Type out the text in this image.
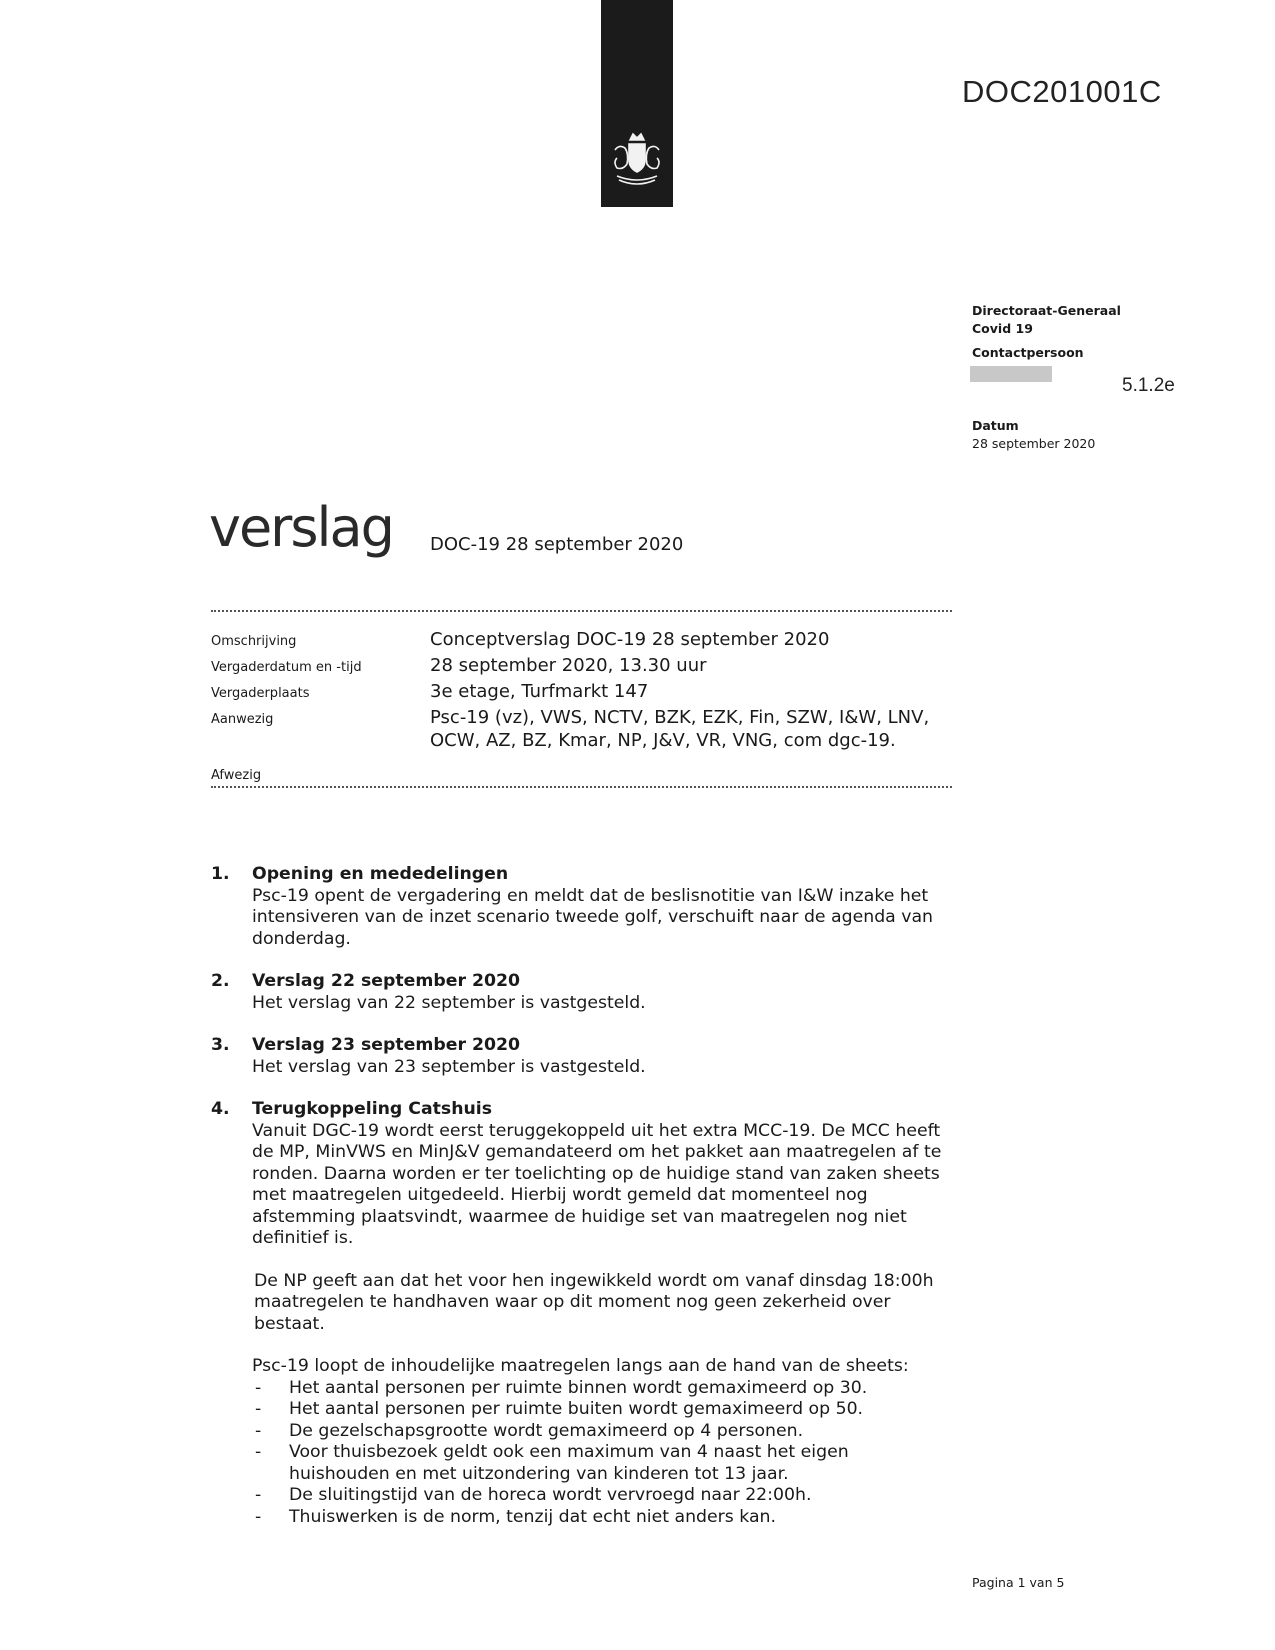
DOC201001C
Directoraat-Generaal
Covid 19
Contactpersoon
5.1.2e
Datum
28 september 2020
verslag DOC-19 28 september 2020
Omschrijving	Conceptverslag DOC-19 28 september 2020
Vergaderdatum en -tijd	28 september 2020, 13.30 uur
Vergaderplaats	3e etage, Turfmarkt 147
Aanwezig	Psc-19 (vz), VWS, NCTV, BZK, EZK, Fin, SZW, I&W, LNV,
OCW, AZ, BZ, Kmar, NP, J&V, VR, VNG, com dgc-19.
Afwezig
1.	Opening en mededelingen
Psc-19 opent de vergadering en meldt dat de beslisnotitie van I&W inzake het intensiveren van de inzet scenario tweede golf, verschuift naar de agenda van donderdag.
2.	Verslag 22 september 2020
Het verslag van 22 september is vastgesteld.
3.	Verslag 23 september 2020
Het verslag van 23 september is vastgesteld.
4.	Terugkoppeling Catshuis
Vanuit DGC-19 wordt eerst teruggekoppeld uit het extra MCC-19. De MCC heeft de MP, MinVWS en MinJ&V gemandateerd om het pakket aan maatregelen af te ronden. Daarna worden er ter toelichting op de huidige stand van zaken sheets met maatregelen uitgedeeld. Hierbij wordt gemeld dat momenteel nog afstemming plaatsvindt, waarmee de huidige set van maatregelen nog niet definitief is.
De NP geeft aan dat het voor hen ingewikkeld wordt om vanaf dinsdag 18:00h maatregelen te handhaven waar op dit moment nog geen zekerheid over bestaat.
Psc-19 loopt de inhoudelijke maatregelen langs aan de hand van de sheets:
-	Het aantal personen per ruimte binnen wordt gemaximeerd op 30.
-	Het aantal personen per ruimte buiten wordt gemaximeerd op 50.
-	De gezelschapsgrootte wordt gemaximeerd op 4 personen.
-	Voor thuisbezoek geldt ook een maximum van 4 naast het eigen huishouden en met uitzondering van kinderen tot 13 jaar.
-	De sluitingstijd van de horeca wordt vervroegd naar 22:00h.
-	Thuiswerken is de norm, tenzij dat echt niet anders kan.
Pagina 1 van 5
